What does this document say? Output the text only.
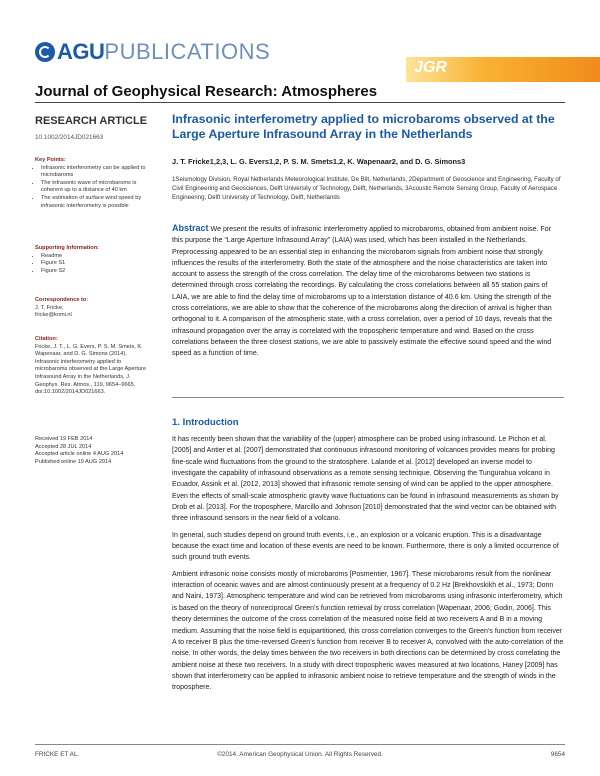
AGU PUBLICATIONS
JGR
Journal of Geophysical Research: Atmospheres
RESEARCH ARTICLE
10.1002/2014JD021663
Key Points:
• Infrasonic interferometry can be applied to microbaroms
• The infrasonic wave of microbaroms is coherent up to a distance of 40 km
• The estimation of surface wind speed by infrasonic interferometry is possible
Supporting Information:
• Readme
• Figure S1
• Figure S2
Correspondence to:
J. T. Fricke,
fricke@knmi.nl
Citation:
Fricke, J. T., L. G. Evers, P. S. M. Smets, K. Wapenaar, and D. G. Simons (2014), Infrasonic interferometry applied to microbaroms observed at the Large Aperture Infrasound Array in the Netherlands, J. Geophys. Res. Atmos., 119, 9654–9665, doi:10.1002/2014JD021663.
Received 19 FEB 2014
Accepted 28 JUL 2014
Accepted article online 4 AUG 2014
Published online 19 AUG 2014
Infrasonic interferometry applied to microbaroms observed at the Large Aperture Infrasound Array in the Netherlands
J. T. Fricke1,2,3, L. G. Evers1,2, P. S. M. Smets1,2, K. Wapenaar2, and D. G. Simons3
1Seismology Division, Royal Netherlands Meteorological Institute, De Bilt, Netherlands, 2Department of Geoscience and Engineering, Faculty of Civil Engineering and Geosciences, Delft University of Technology, Delft, Netherlands, 3Acoustic Remote Sensing Group, Faculty of Aerospace Engineering, Delft University of Technology, Delft, Netherlands
Abstract We present the results of infrasonic interferometry applied to microbaroms, obtained from ambient noise. For this purpose the “Large Aperture Infrasound Array” (LAIA) was used, which has been installed in the Netherlands. Preprocessing appeared to be an essential step in enhancing the microbarom signals from ambient noise that strongly influences the results of the interferometry. Both the state of the atmosphere and the noise characteristics are taken into account to assess the strength of the cross correlation. The delay time of the microbaroms between two stations is determined through cross correlating the recordings. By calculating the cross correlations between all 55 station pairs of LAIA, we are able to find the delay time of microbaroms up to a interstation distance of 40.6 km. Using the strength of the cross correlations, we are able to show that the coherence of the microbaroms along the direction of arrival is higher than orthogonal to it. A comparison of the atmospheric state, with a cross correlation, over a period of 10 days, reveals that the infrasound propagation over the array is correlated with the tropospheric temperature and wind. Based on the cross correlations between the three closest stations, we are able to passively estimate the effective sound speed and the wind speed as a function of time.
1. Introduction

It has recently been shown that the variability of the (upper) atmosphere can be probed using infrasound. Le Pichon et al. [2005] and Antier et al. [2007] demonstrated that continuous infrasound monitoring of volcanoes provides means for probing fine-scale wind fluctuations from the ground to the stratosphere. Lalande et al. [2012] developed an inverse model to investigate the capability of infrasound observations as a remote sensing technique. Observing the Tungurahua volcano in Ecuador, Assink et al. [2012, 2013] showed that infrasonic remote sensing of wind can be applied to the upper atmosphere. Even the effects of small-scale atmospheric gravity wave fluctuations can be found in infrasound measurements as shown by Drob et al. [2013]. For the troposphere, Marcillo and Johnson [2010] demonstrated that the wind vector can be obtained with three infrasound sensors in the near field of a volcano.

In general, such studies depend on ground truth events, i.e., an explosion or a volcanic eruption. This is a disadvantage because the exact time and location of these events are need to be known. Furthermore, there is only a limited occurrence of such ground truth events.

Ambient infrasonic noise consists mostly of microbaroms [Posmentier, 1967]. These microbaroms result from the nonlinear interaction of oceanic waves and are almost continuously present at a frequency of 0.2 Hz [Brekhovskikh et al., 1973; Donn and Naini, 1973]. Atmospheric temperature and wind can be retrieved from microbaroms using infrasonic interferometry, which is based on the theory of nonreciprocal Green’s function retrieval by cross correlation [Wapenaar, 2006; Godin, 2006]. This theory determines the outcome of the cross correlation of the measured noise field at two receivers A and B in a moving medium. Assuming that the noise field is equipartitioned, this cross correlation converges to the Green’s function from receiver A to receiver B plus the time-reversed Green’s function from receiver B to receiver A, convolved with the auto-correlation of the noise. In other words, the delay times between the two receivers in both directions can be determined by cross correlating the ambient noise at these two receivers. In a study with direct tropospheric waves measured at two locations, Haney [2009] has shown that interferometry can be applied to infrasonic ambient noise to retrieve temperature and the strength of winds in the troposphere.

FRICKE ET AL.	©2014. American Geophysical Union. All Rights Reserved.	9654
